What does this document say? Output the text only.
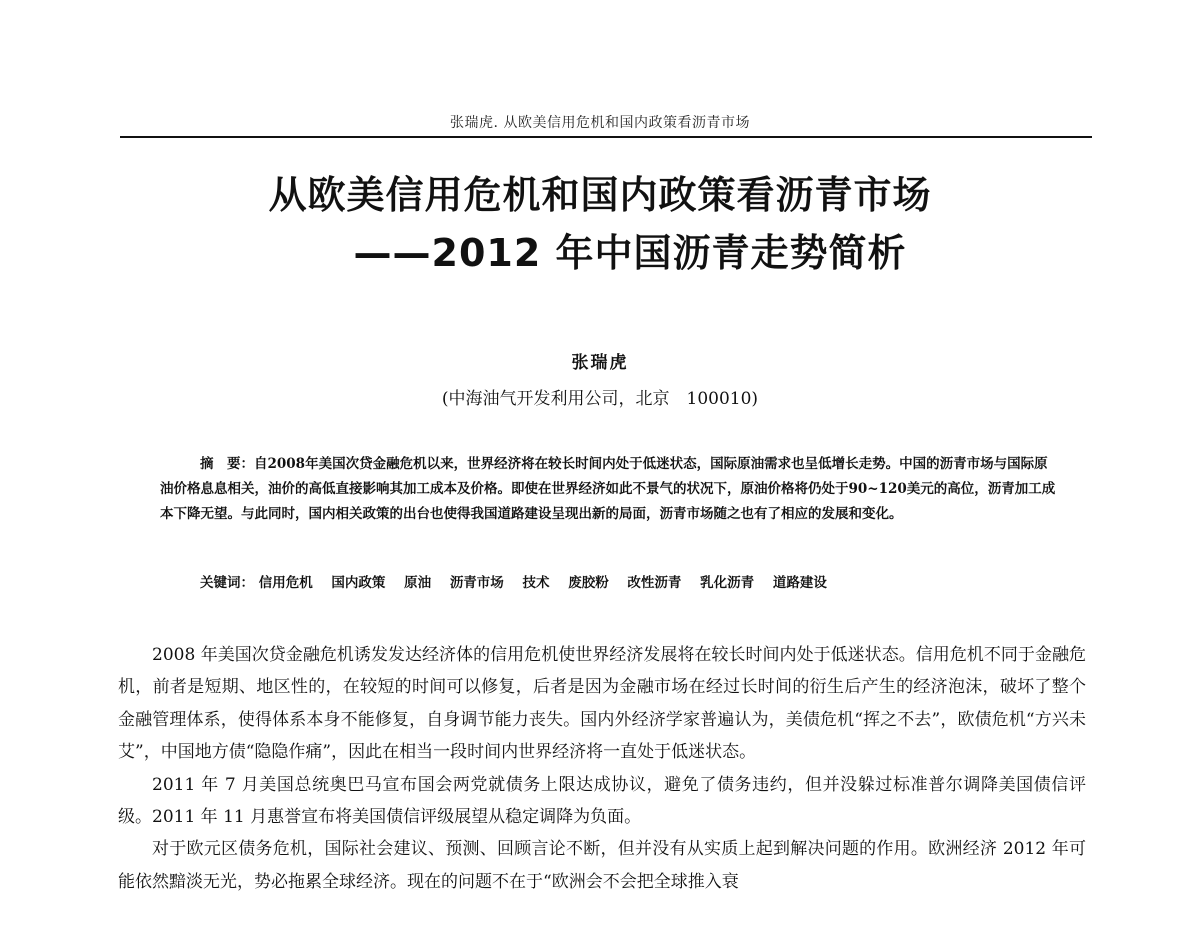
张瑞虎. 从欧美信用危机和国内政策看沥青市场
从欧美信用危机和国内政策看沥青市场
——2012 年中国沥青走势简析
张瑞虎
(中海油气开发利用公司，北京　100010)
摘　要：自2008年美国次贷金融危机以来，世界经济将在较长时间内处于低迷状态，国际原油需求也呈低增长走势。中国的沥青市场与国际原油价格息息相关，油价的高低直接影响其加工成本及价格。即使在世界经济如此不景气的状况下，原油价格将仍处于90~120美元的高位，沥青加工成本下降无望。与此同时，国内相关政策的出台也使得我国道路建设呈现出新的局面，沥青市场随之也有了相应的发展和变化。
关键词： 信用危机 国内政策 原油 沥青市场 技术 废胶粉 改性沥青 乳化沥青 道路建设

2008 年美国次贷金融危机诱发发达经济体的信用危机使世界经济发展将在较长时间内处于低迷状态。信用危机不同于金融危机，前者是短期、地区性的，在较短的时间可以修复，后者是因为金融市场在经过长时间的衍生后产生的经济泡沫，破坏了整个金融管理体系，使得体系本身不能修复，自身调节能力丧失。国内外经济学家普遍认为，美债危机“挥之不去”，欧债危机“方兴未艾”，中国地方债“隐隐作痛”，因此在相当一段时间内世界经济将一直处于低迷状态。

2011 年 7 月美国总统奥巴马宣布国会两党就债务上限达成协议，避免了债务违约，但并没躲过标准普尔调降美国债信评级。2011 年 11 月惠誉宣布将美国债信评级展望从稳定调降为负面。

对于欧元区债务危机，国际社会建议、预测、回顾言论不断，但并没有从实质上起到解决问题的作用。欧洲经济 2012 年可能依然黯淡无光，势必拖累全球经济。现在的问题不在于“欧洲会不会把全球推入衰
